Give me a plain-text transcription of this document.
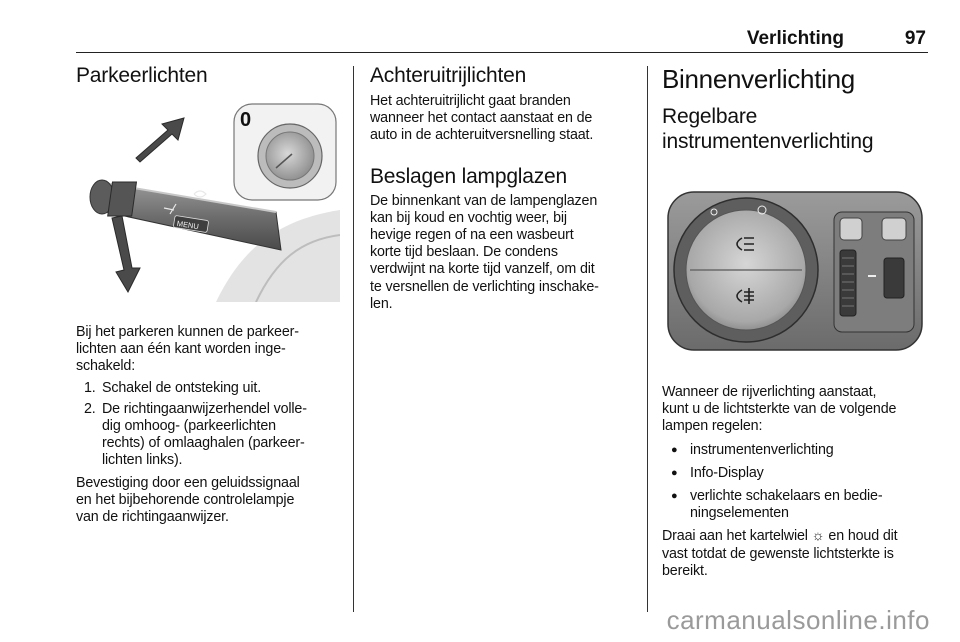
Verlichting	97
Parkeerlichten
MENU
0

Bij het parkeren kunnen de parkeer-
lichten aan één kant worden inge-
schakeld:

1. Schakel de ontsteking uit.
2. De richtingaanwijzerhendel volle-
dig omhoog- (parkeerlichten
rechts) of omlaaghalen (parkeer-
lichten links).

Bevestiging door een geluidssignaal
en het bijbehorende controlelampje
van de richtingaanwijzer.

Achteruitrijlichten

Het achteruitrijlicht gaat branden
wanneer het contact aanstaat en de
auto in de achteruitversnelling staat.

Beslagen lampglazen

De binnenkant van de lampenglazen
kan bij koud en vochtig weer, bij
hevige regen of na een wasbeurt
korte tijd beslaan. De condens
verdwijnt na korte tijd vanzelf, om dit
te versnellen de verlichting inschake-
len.

Binnenverlichting
Regelbare
instrumentenverlichting

Wanneer de rijverlichting aanstaat,
kunt u de lichtsterkte van de volgende
lampen regelen:

● instrumentenverlichting
● Info-Display
● verlichte schakelaars en bedie-
ningselementen

Draai aan het kartelwiel ☼ en houd dit
vast totdat de gewenste lichtsterkte is
bereikt.

carmanualsonline.info
